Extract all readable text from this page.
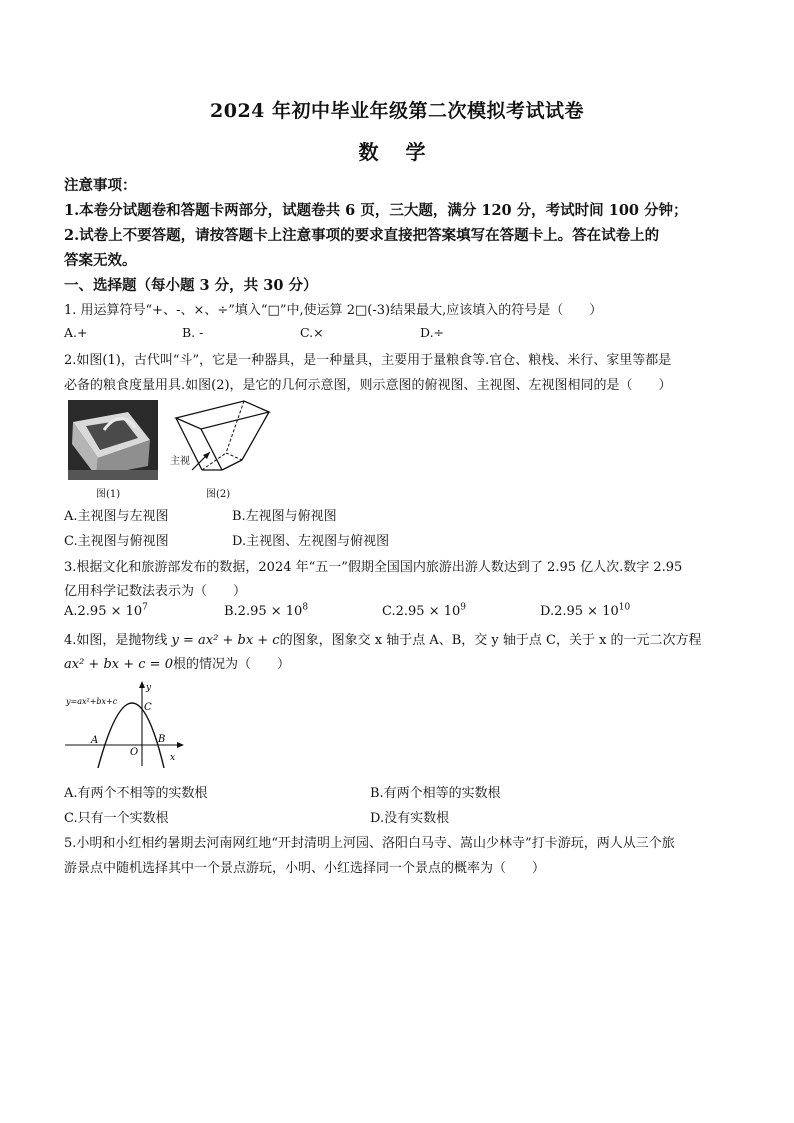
2024 年初中毕业年级第二次模拟考试试卷
数 学
注意事项：
1.本卷分试题卷和答题卡两部分，试题卷共 6 页，三大题，满分 120 分，考试时间 100 分钟；
2.试卷上不要答题，请按答题卡上注意事项的要求直接把答案填写在答题卡上。答在试卷上的
答案无效。
一、选择题（每小题 3 分，共 30 分）
1. 用运算符号“+、-、×、÷”填入“□”中,使运算 2□(-3)结果最大,应该填入的符号是（　　）
A.+	B. -	C.×	D.÷
2.如图(1)，古代叫“斗”，它是一种器具，是一种量具，主要用于量粮食等.官仓、粮栈、米行、家里等都是
必备的粮食度量用具.如图(2)，是它的几何示意图，则示意图的俯视图、主视图、左视图相同的是（　　）
图(1)
主视
图(2)
A.主视图与左视图	B.左视图与俯视图
C.主视图与俯视图	D.主视图、左视图与俯视图
3.根据文化和旅游部发布的数据，2024 年“五一”假期全国国内旅游出游人数达到了 2.95 亿人次.数字 2.95
亿用科学记数法表示为（　　）
$A.2.95 \times 10^7$	$B.2.95 \times 10^8$	$C.2.95 \times 10^9$	$D.2.95 \times 10^{10}$
4.如图，是抛物线 y = ax² + bx + c的图象，图象交 x 轴于点 A、B，交 y 轴于点 C，关于 x 的一元二次方程
ax² + bx + c = 0根的情况为（　　）
y=ax²+bx+c
y
x
C
A	B
O
A.有两个不相等的实数根	B.有两个相等的实数根
C.只有一个实数根	D.没有实数根
5.小明和小红相约暑期去河南网红地“开封清明上河园、洛阳白马寺、嵩山少林寺”打卡游玩，两人从三个旅
游景点中随机选择其中一个景点游玩，小明、小红选择同一个景点的概率为（　　）
